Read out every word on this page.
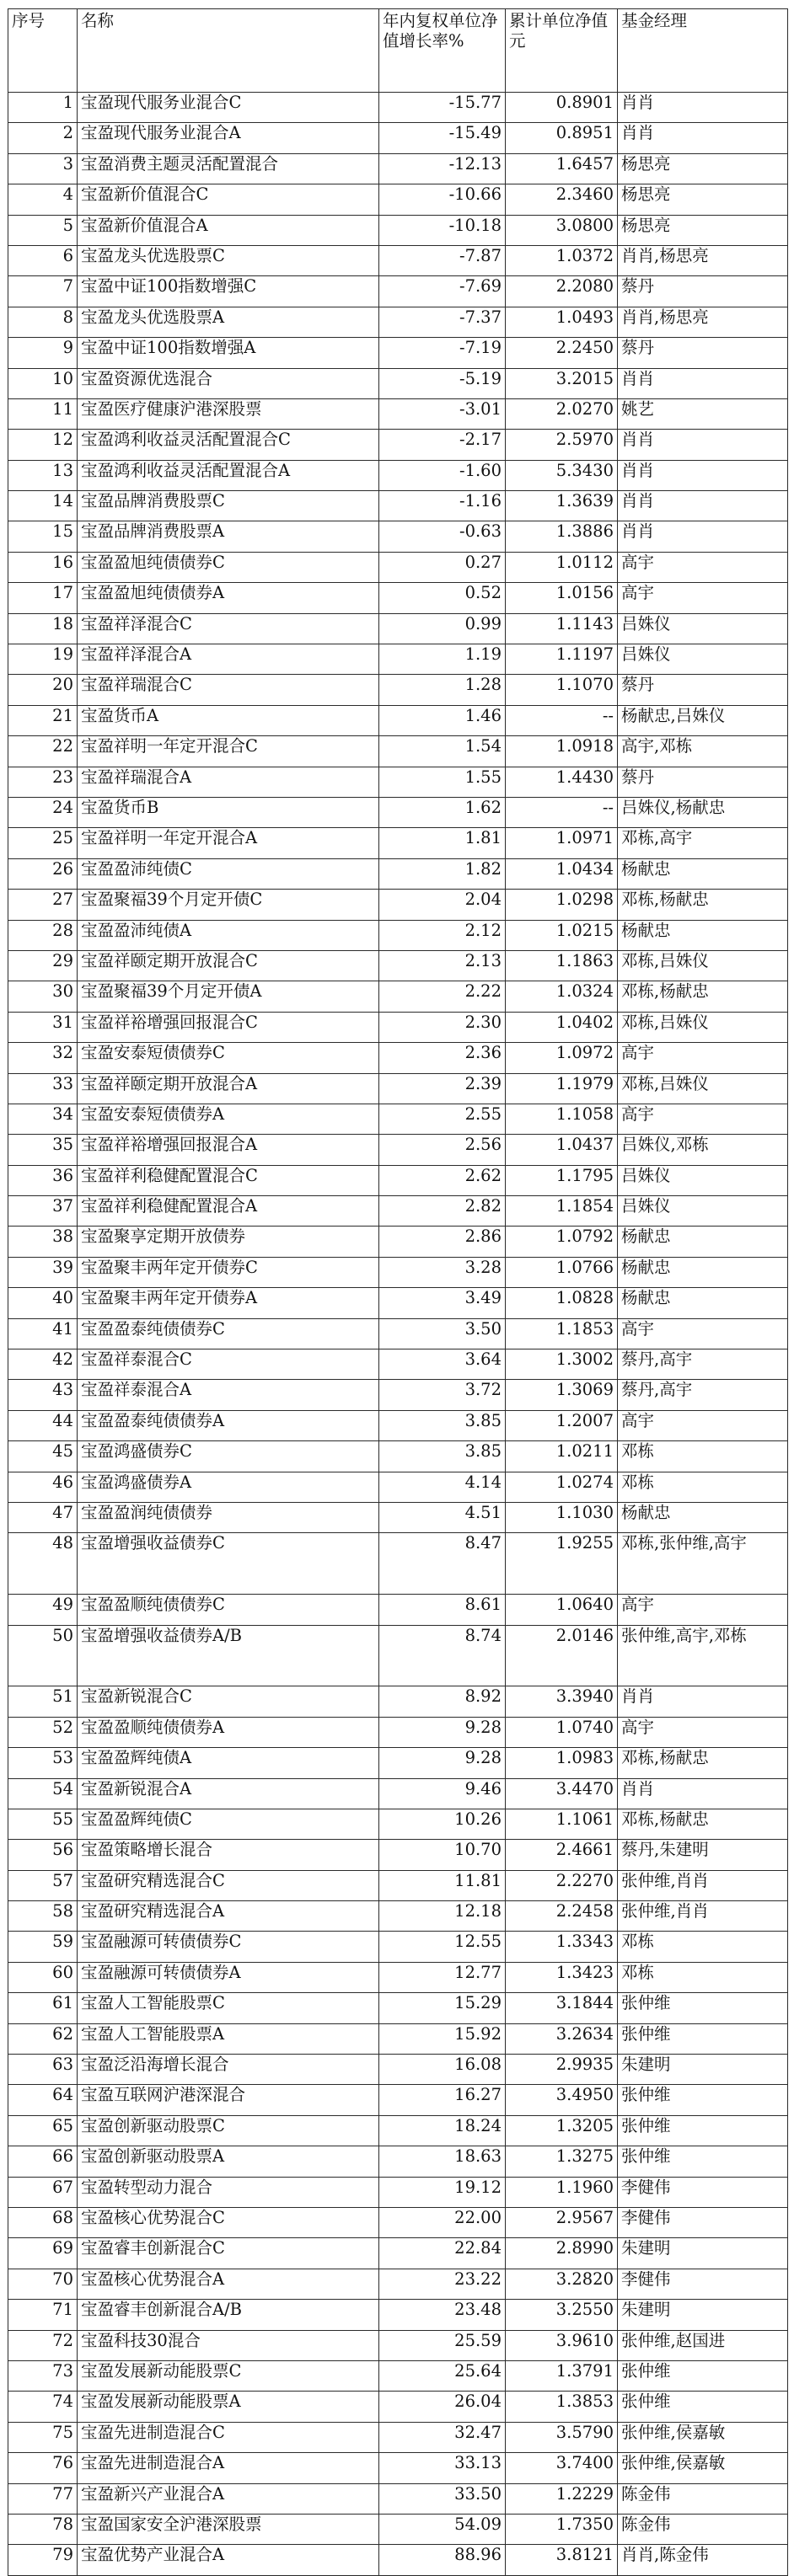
序号	名称	年内复权单位净值增长率%	累计单位净值元	基金经理
1	宝盈现代服务业混合C	-15.77	0.8901	肖肖
2	宝盈现代服务业混合A	-15.49	0.8951	肖肖
3	宝盈消费主题灵活配置混合	-12.13	1.6457	杨思亮
4	宝盈新价值混合C	-10.66	2.3460	杨思亮
5	宝盈新价值混合A	-10.18	3.0800	杨思亮
6	宝盈龙头优选股票C	-7.87	1.0372	肖肖,杨思亮
7	宝盈中证100指数增强C	-7.69	2.2080	蔡丹
8	宝盈龙头优选股票A	-7.37	1.0493	肖肖,杨思亮
9	宝盈中证100指数增强A	-7.19	2.2450	蔡丹
10	宝盈资源优选混合	-5.19	3.2015	肖肖
11	宝盈医疗健康沪港深股票	-3.01	2.0270	姚艺
12	宝盈鸿利收益灵活配置混合C	-2.17	2.5970	肖肖
13	宝盈鸿利收益灵活配置混合A	-1.60	5.3430	肖肖
14	宝盈品牌消费股票C	-1.16	1.3639	肖肖
15	宝盈品牌消费股票A	-0.63	1.3886	肖肖
16	宝盈盈旭纯债债券C	0.27	1.0112	高宇
17	宝盈盈旭纯债债券A	0.52	1.0156	高宇
18	宝盈祥泽混合C	0.99	1.1143	吕姝仪
19	宝盈祥泽混合A	1.19	1.1197	吕姝仪
20	宝盈祥瑞混合C	1.28	1.1070	蔡丹
21	宝盈货币A	1.46	--	杨献忠,吕姝仪
22	宝盈祥明一年定开混合C	1.54	1.0918	高宇,邓栋
23	宝盈祥瑞混合A	1.55	1.4430	蔡丹
24	宝盈货币B	1.62	--	吕姝仪,杨献忠
25	宝盈祥明一年定开混合A	1.81	1.0971	邓栋,高宇
26	宝盈盈沛纯债C	1.82	1.0434	杨献忠
27	宝盈聚福39个月定开债C	2.04	1.0298	邓栋,杨献忠
28	宝盈盈沛纯债A	2.12	1.0215	杨献忠
29	宝盈祥颐定期开放混合C	2.13	1.1863	邓栋,吕姝仪
30	宝盈聚福39个月定开债A	2.22	1.0324	邓栋,杨献忠
31	宝盈祥裕增强回报混合C	2.30	1.0402	邓栋,吕姝仪
32	宝盈安泰短债债券C	2.36	1.0972	高宇
33	宝盈祥颐定期开放混合A	2.39	1.1979	邓栋,吕姝仪
34	宝盈安泰短债债券A	2.55	1.1058	高宇
35	宝盈祥裕增强回报混合A	2.56	1.0437	吕姝仪,邓栋
36	宝盈祥利稳健配置混合C	2.62	1.1795	吕姝仪
37	宝盈祥利稳健配置混合A	2.82	1.1854	吕姝仪
38	宝盈聚享定期开放债券	2.86	1.0792	杨献忠
39	宝盈聚丰两年定开债券C	3.28	1.0766	杨献忠
40	宝盈聚丰两年定开债券A	3.49	1.0828	杨献忠
41	宝盈盈泰纯债债券C	3.50	1.1853	高宇
42	宝盈祥泰混合C	3.64	1.3002	蔡丹,高宇
43	宝盈祥泰混合A	3.72	1.3069	蔡丹,高宇
44	宝盈盈泰纯债债券A	3.85	1.2007	高宇
45	宝盈鸿盛债券C	3.85	1.0211	邓栋
46	宝盈鸿盛债券A	4.14	1.0274	邓栋
47	宝盈盈润纯债债券	4.51	1.1030	杨献忠
48	宝盈增强收益债券C	8.47	1.9255	邓栋,张仲维,高宇
49	宝盈盈顺纯债债券C	8.61	1.0640	高宇
50	宝盈增强收益债券A/B	8.74	2.0146	张仲维,高宇,邓栋
51	宝盈新锐混合C	8.92	3.3940	肖肖
52	宝盈盈顺纯债债券A	9.28	1.0740	高宇
53	宝盈盈辉纯债A	9.28	1.0983	邓栋,杨献忠
54	宝盈新锐混合A	9.46	3.4470	肖肖
55	宝盈盈辉纯债C	10.26	1.1061	邓栋,杨献忠
56	宝盈策略增长混合	10.70	2.4661	蔡丹,朱建明
57	宝盈研究精选混合C	11.81	2.2270	张仲维,肖肖
58	宝盈研究精选混合A	12.18	2.2458	张仲维,肖肖
59	宝盈融源可转债债券C	12.55	1.3343	邓栋
60	宝盈融源可转债债券A	12.77	1.3423	邓栋
61	宝盈人工智能股票C	15.29	3.1844	张仲维
62	宝盈人工智能股票A	15.92	3.2634	张仲维
63	宝盈泛沿海增长混合	16.08	2.9935	朱建明
64	宝盈互联网沪港深混合	16.27	3.4950	张仲维
65	宝盈创新驱动股票C	18.24	1.3205	张仲维
66	宝盈创新驱动股票A	18.63	1.3275	张仲维
67	宝盈转型动力混合	19.12	1.1960	李健伟
68	宝盈核心优势混合C	22.00	2.9567	李健伟
69	宝盈睿丰创新混合C	22.84	2.8990	朱建明
70	宝盈核心优势混合A	23.22	3.2820	李健伟
71	宝盈睿丰创新混合A/B	23.48	3.2550	朱建明
72	宝盈科技30混合	25.59	3.9610	张仲维,赵国进
73	宝盈发展新动能股票C	25.64	1.3791	张仲维
74	宝盈发展新动能股票A	26.04	1.3853	张仲维
75	宝盈先进制造混合C	32.47	3.5790	张仲维,侯嘉敏
76	宝盈先进制造混合A	33.13	3.7400	张仲维,侯嘉敏
77	宝盈新兴产业混合A	33.50	1.2229	陈金伟
78	宝盈国家安全沪港深股票	54.09	1.7350	陈金伟
79	宝盈优势产业混合A	88.96	3.8121	肖肖,陈金伟
